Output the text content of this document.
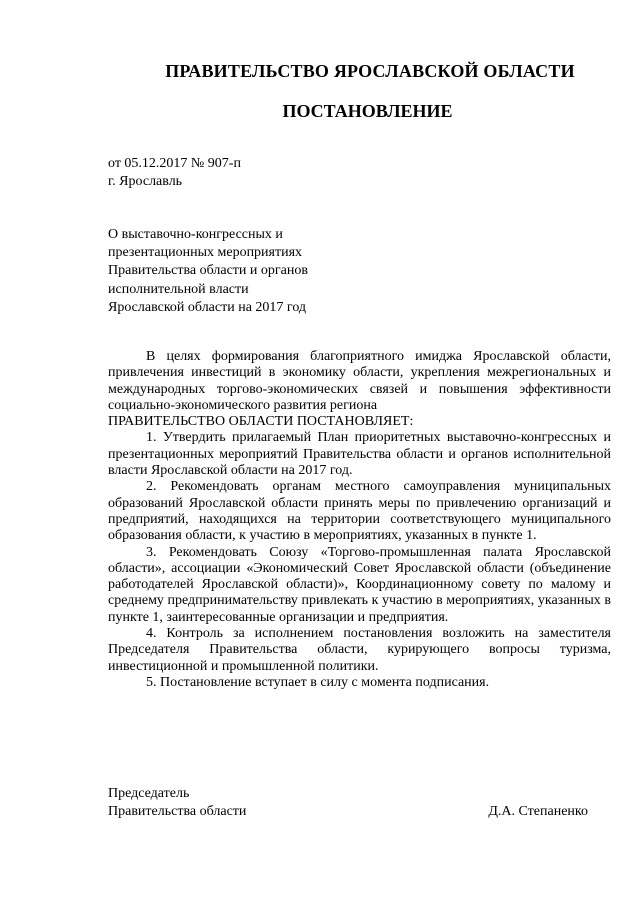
ПРАВИТЕЛЬСТВО ЯРОСЛАВСКОЙ ОБЛАСТИ
ПОСТАНОВЛЕНИЕ
от 05.12.2017 № 907-п
г. Ярославль
О выставочно-конгрессных и
презентационных мероприятиях
Правительства области и органов
исполнительной власти
Ярославской области на 2017 год

В целях формирования благоприятного имиджа Ярославской области, привлечения инвестиций в экономику области, укрепления межрегиональных и международных торгово-экономических связей и повышения эффективности социально-экономического развития региона

ПРАВИТЕЛЬСТВО ОБЛАСТИ ПОСТАНОВЛЯЕТ:

1. Утвердить прилагаемый План приоритетных выставочно-конгрессных и презентационных мероприятий Правительства области и органов исполнительной власти Ярославской области на 2017 год.

2. Рекомендовать органам местного самоуправления муниципальных образований Ярославской области принять меры по привлечению организаций и предприятий, находящихся на территории соответствующего муниципального образования области, к участию в мероприятиях, указанных в пункте 1.

3. Рекомендовать Союзу «Торгово-промышленная палата Ярославской области», ассоциации «Экономический Совет Ярославской области (объединение работодателей Ярославской области)», Координационному совету по малому и среднему предпринимательству привлекать к участию в мероприятиях, указанных в пункте 1, заинтересованные организации и предприятия.

4. Контроль за исполнением постановления возложить на заместителя Председателя Правительства области, курирующего вопросы туризма, инвестиционной и промышленной политики.

5. Постановление вступает в силу с момента подписания.

Председатель
Правительства области	Д.А. Степаненко
